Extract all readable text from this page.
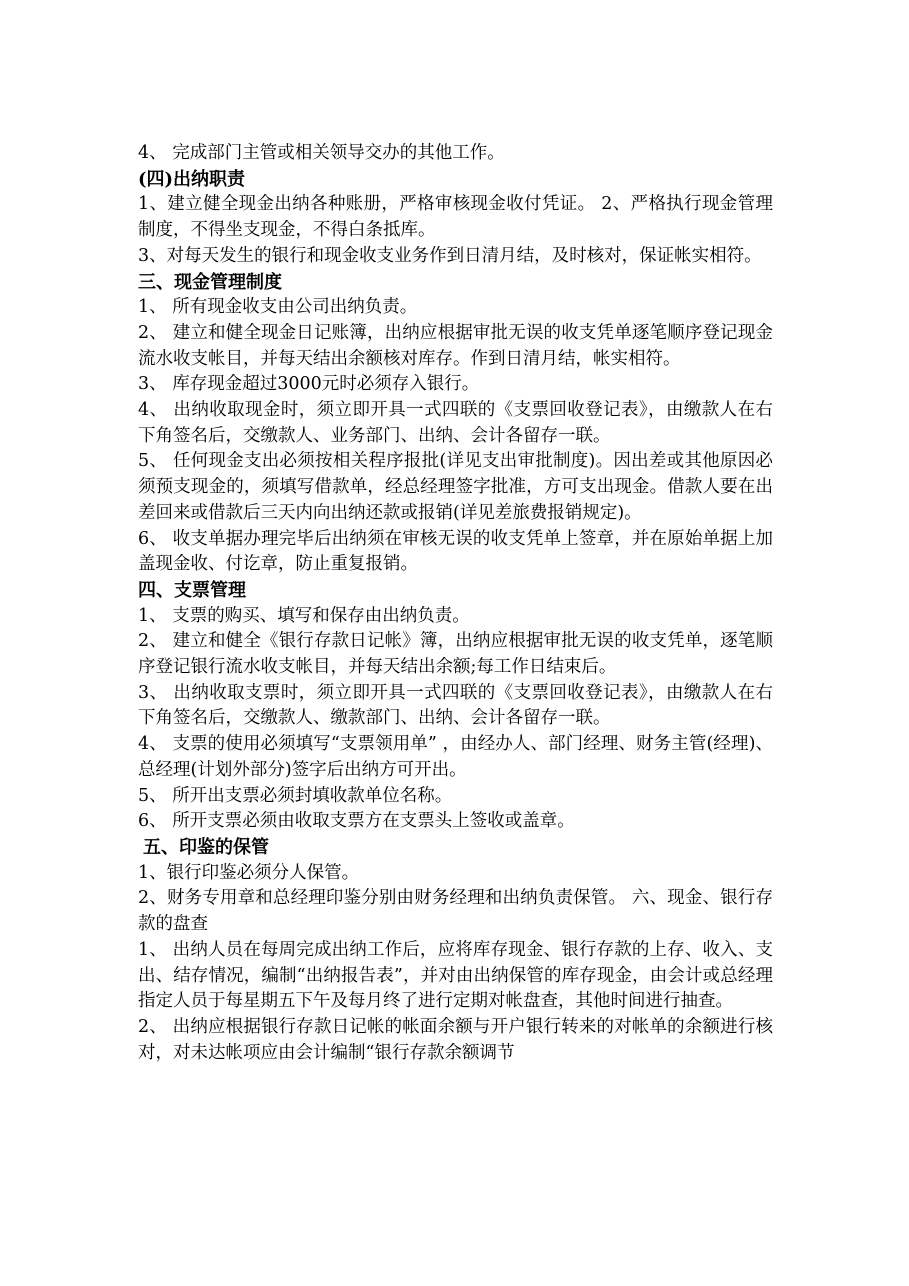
4、 完成部门主管或相关领导交办的其他工作。

(四)出纳职责

1、建立健全现金出纳各种账册，严格审核现金收付凭证。 2、严格执行现金管理制度，不得坐支现金，不得白条抵库。

3、对每天发生的银行和现金收支业务作到日清月结，及时核对，保证帐实相符。

三、现金管理制度

1、 所有现金收支由公司出纳负责。

2、 建立和健全现金日记账簿，出纳应根据审批无误的收支凭单逐笔顺序登记现金流水收支帐目，并每天结出余额核对库存。作到日清月结，帐实相符。

3、 库存现金超过3000元时必须存入银行。

4、 出纳收取现金时，须立即开具一式四联的《支票回收登记表》，由缴款人在右下角签名后，交缴款人、业务部门、出纳、会计各留存一联。

5、 任何现金支出必须按相关程序报批(详见支出审批制度)。因出差或其他原因必须预支现金的，须填写借款单，经总经理签字批准，方可支出现金。借款人要在出差回来或借款后三天内向出纳还款或报销(详见差旅费报销规定)。

6、 收支单据办理完毕后出纳须在审核无误的收支凭单上签章，并在原始单据上加盖现金收、付讫章，防止重复报销。

四、支票管理

1、 支票的购买、填写和保存由出纳负责。

2、 建立和健全《银行存款日记帐》簿，出纳应根据审批无误的收支凭单，逐笔顺序登记银行流水收支帐目，并每天结出余额;每工作日结束后。

3、 出纳收取支票时，须立即开具一式四联的《支票回收登记表》，由缴款人在右下角签名后，交缴款人、缴款部门、出纳、会计各留存一联。

4、 支票的使用必须填写“支票领用单” ，由经办人、部门经理、财务主管(经理)、总经理(计划外部分)签字后出纳方可开出。

5、 所开出支票必须封填收款单位名称。

6、 所开支票必须由收取支票方在支票头上签收或盖章。

五、印鉴的保管

1、银行印鉴必须分人保管。

2、财务专用章和总经理印鉴分别由财务经理和出纳负责保管。 六、现金、银行存款的盘查

1、 出纳人员在每周完成出纳工作后，应将库存现金、银行存款的上存、收入、支出、结存情况，编制“出纳报告表”，并对由出纳保管的库存现金，由会计或总经理指定人员于每星期五下午及每月终了进行定期对帐盘查，其他时间进行抽查。

2、 出纳应根据银行存款日记帐的帐面余额与开户银行转来的对帐单的余额进行核对，对未达帐项应由会计编制“银行存款余额调节
